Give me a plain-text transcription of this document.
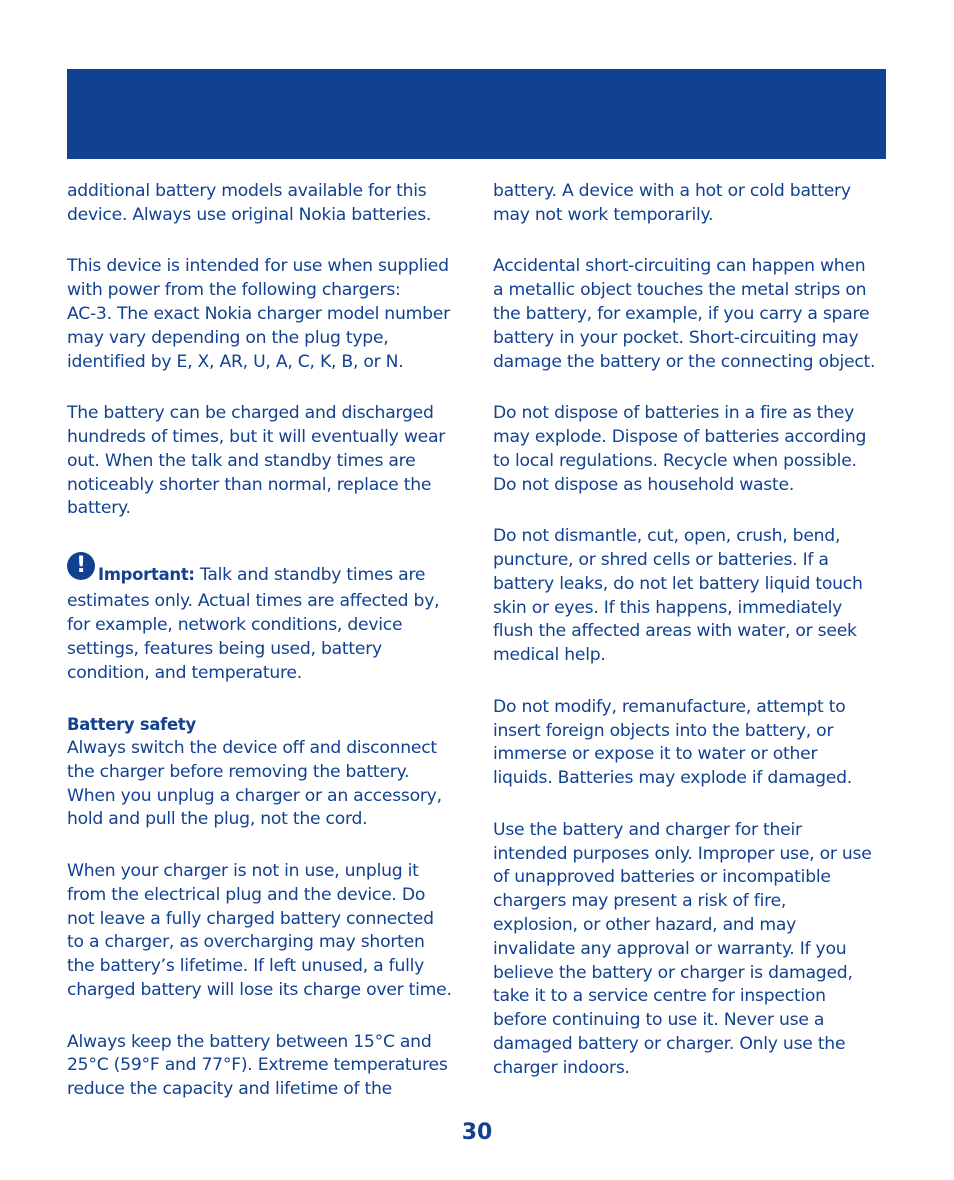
additional battery models available for this
device. Always use original Nokia batteries.

This device is intended for use when supplied
with power from the following chargers:
AC-3. The exact Nokia charger model number
may vary depending on the plug type,
identified by E, X, AR, U, A, C, K, B, or N.

The battery can be charged and discharged
hundreds of times, but it will eventually wear
out. When the talk and standby times are
noticeably shorter than normal, replace the
battery.

! Important: Talk and standby times are
estimates only. Actual times are affected by,
for example, network conditions, device
settings, features being used, battery
condition, and temperature.

Battery safety
Always switch the device off and disconnect
the charger before removing the battery.
When you unplug a charger or an accessory,
hold and pull the plug, not the cord.

When your charger is not in use, unplug it
from the electrical plug and the device. Do
not leave a fully charged battery connected
to a charger, as overcharging may shorten
the battery’s lifetime. If left unused, a fully
charged battery will lose its charge over time.

Always keep the battery between 15°C and
25°C (59°F and 77°F). Extreme temperatures
reduce the capacity and lifetime of the

battery. A device with a hot or cold battery
may not work temporarily.

Accidental short-circuiting can happen when
a metallic object touches the metal strips on
the battery, for example, if you carry a spare
battery in your pocket. Short-circuiting may
damage the battery or the connecting object.

Do not dispose of batteries in a fire as they
may explode. Dispose of batteries according
to local regulations. Recycle when possible.
Do not dispose as household waste.

Do not dismantle, cut, open, crush, bend,
puncture, or shred cells or batteries. If a
battery leaks, do not let battery liquid touch
skin or eyes. If this happens, immediately
flush the affected areas with water, or seek
medical help.

Do not modify, remanufacture, attempt to
insert foreign objects into the battery, or
immerse or expose it to water or other
liquids. Batteries may explode if damaged.

Use the battery and charger for their
intended purposes only. Improper use, or use
of unapproved batteries or incompatible
chargers may present a risk of fire,
explosion, or other hazard, and may
invalidate any approval or warranty. If you
believe the battery or charger is damaged,
take it to a service centre for inspection
before continuing to use it. Never use a
damaged battery or charger. Only use the
charger indoors.

30
